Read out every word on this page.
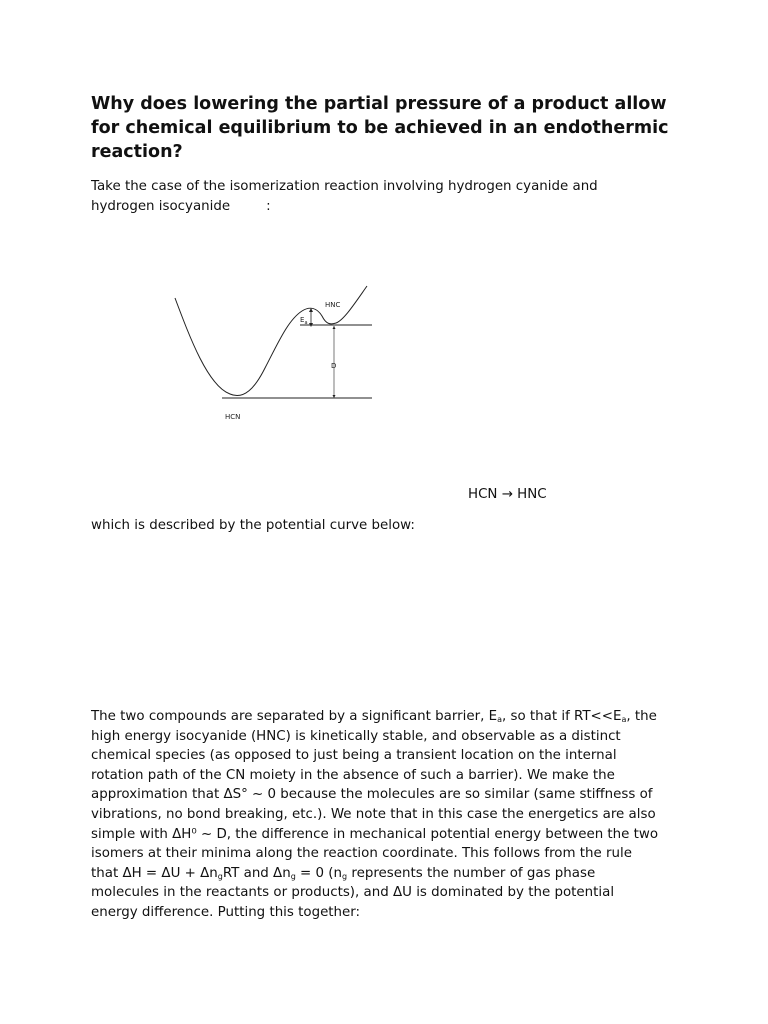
Why does lowering the partial pressure of a product allow for chemical equilibrium to be achieved in an endothermic reaction?

Take the case of the isomerization reaction involving hydrogen cyanide and
hydrogen isocyanide	:

HNC
$E_a$
D
HCN
HCN → HNC

which is described by the potential curve below:

The two compounds are separated by a significant barrier, $E_a$, so that if $RT<<E_a$, the
high energy isocyanide (HNC) is kinetically stable, and observable as a distinct
chemical species (as opposed to just being a transient location on the internal
rotation path of the CN moiety in the absence of such a barrier). We make the
approximation that ΔS° ~ 0 because the molecules are so similar (same stiffness of
vibrations, no bond breaking, etc.). We note that in this case the energetics are also
simple with ΔH⁰ ~ D, the difference in mechanical potential energy between the two
isomers at their minima along the reaction coordinate. This follows from the rule
that $\Delta H = \Delta U + \Delta n_gRT$ and $\Delta n_g = 0$ ($n_g$ represents the number of gas phase
molecules in the reactants or products), and ΔU is dominated by the potential
energy difference. Putting this together:
